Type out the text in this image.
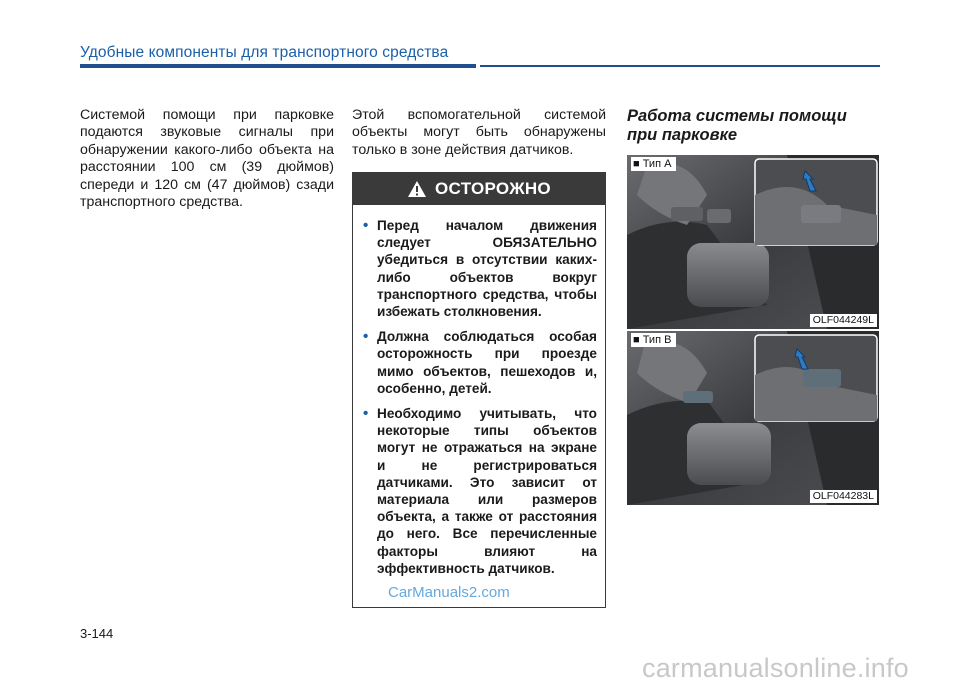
Удобные компоненты для транспортного средства
Системой помощи при парковке подаются звуковые сигналы при обнаружении какого-либо объекта на расстоянии 100 см (39 дюймов) спереди и 120 см (47 дюймов) сзади транспортного средства.
Этой вспомогательной системой объекты могут быть обнаружены только в зоне действия датчиков.
ОСТОРОЖНО
• Перед началом движения следует ОБЯЗАТЕЛЬНО убедиться в отсутствии каких-либо объектов вокруг транспортного средства, чтобы избежать столкновения.
• Должна соблюдаться особая осторожность при проезде мимо объектов, пешеходов и, особенно, детей.
• Необходимо учитывать, что некоторые типы объектов могут не отражаться на экране и не регистрироваться датчиками. Это зависит от материала или размеров объекта, а также от расстояния до него. Все перечисленные факторы влияют на эффективность датчиков.
Работа системы помощи при парковке
■ Тип A
OLF044249L
■ Тип B
OLF044283L
3-144
CarManuals2.com
carmanualsonline.info
